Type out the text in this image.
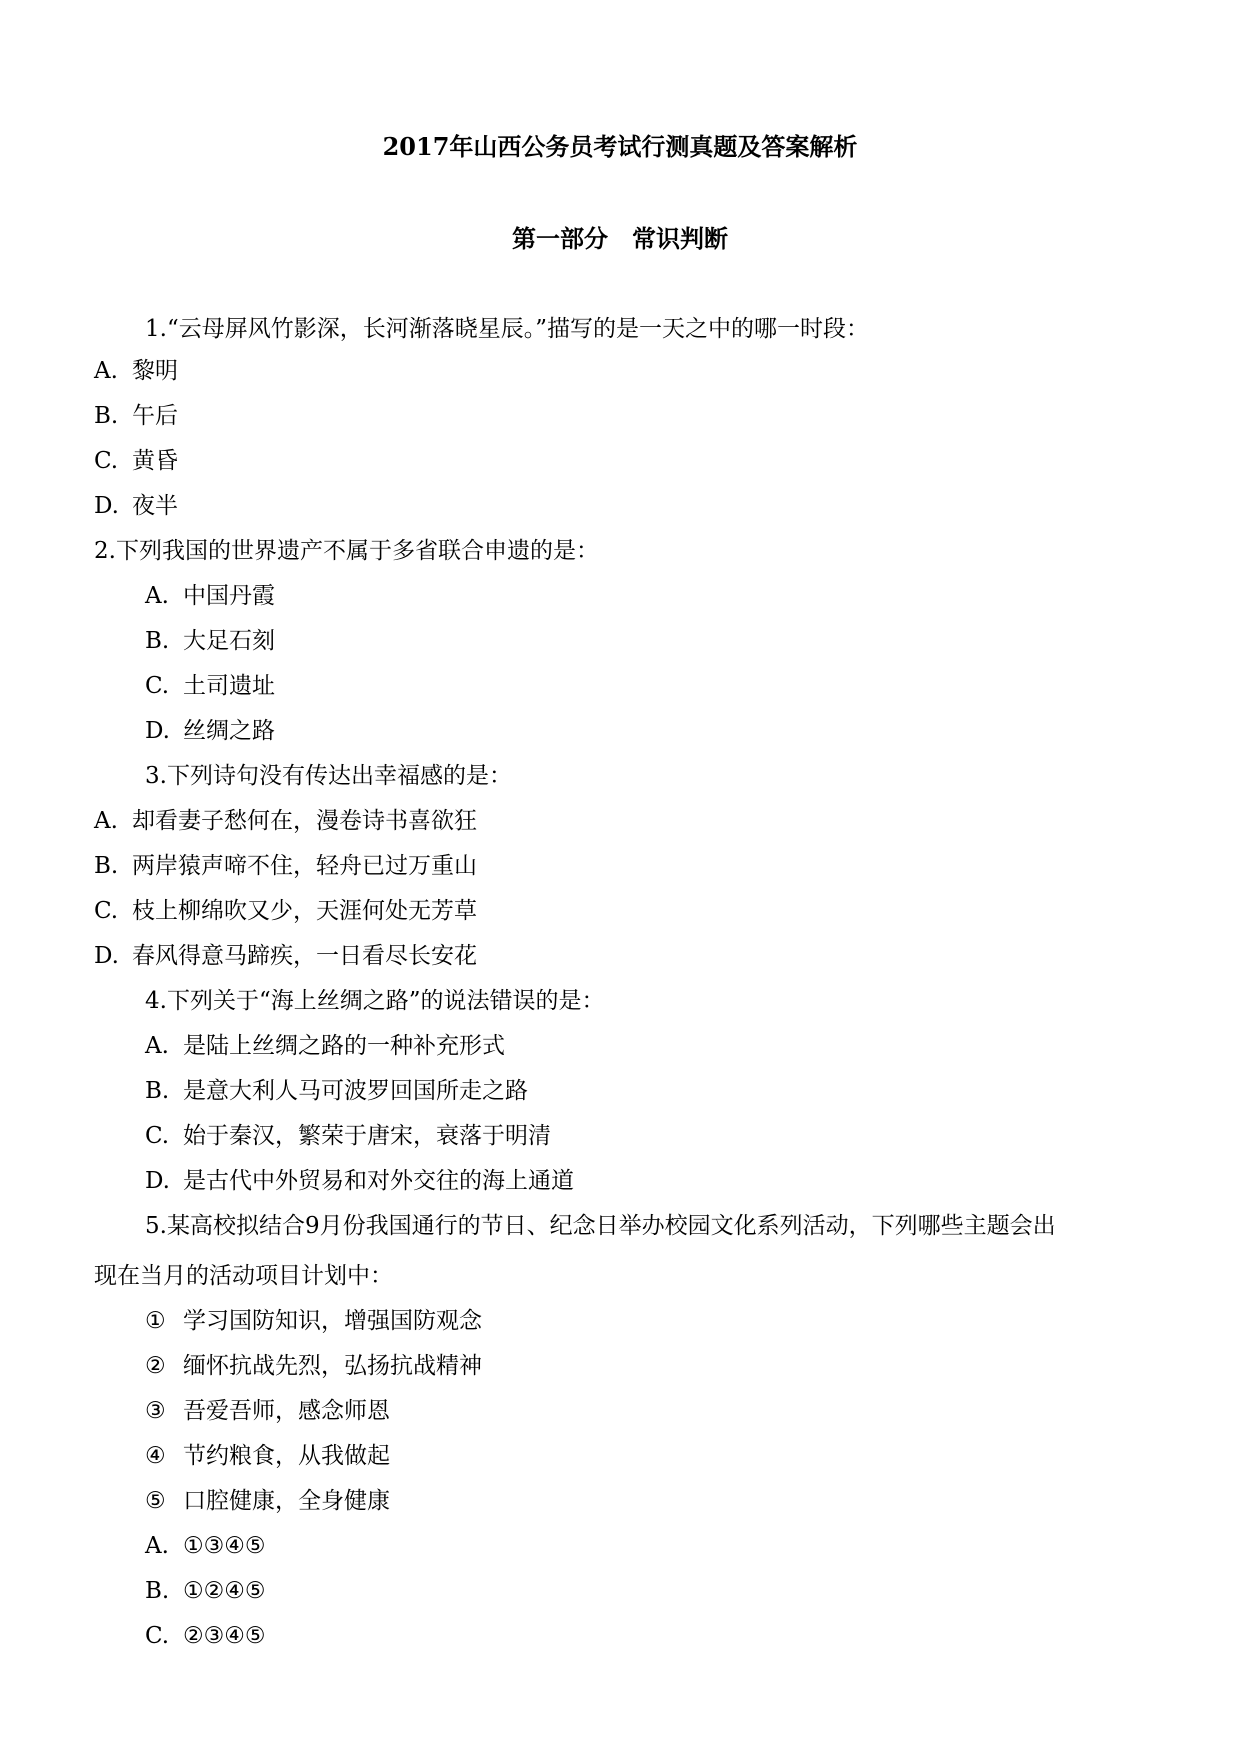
2017年山西公务员考试行测真题及答案解析
第一部分　常识判断
1.“云母屏风竹影深，长河渐落晓星辰。”描写的是一天之中的哪一时段：
A. 黎明
B. 午后
C. 黄昏
D. 夜半
2.下列我国的世界遗产不属于多省联合申遗的是：
A. 中国丹霞
B. 大足石刻
C. 土司遗址
D. 丝绸之路
3.下列诗句没有传达出幸福感的是：
A. 却看妻子愁何在，漫卷诗书喜欲狂
B. 两岸猿声啼不住，轻舟已过万重山
C. 枝上柳绵吹又少，天涯何处无芳草
D. 春风得意马蹄疾，一日看尽长安花
4.下列关于“海上丝绸之路”的说法错误的是：
A. 是陆上丝绸之路的一种补充形式
B. 是意大利人马可波罗回国所走之路
C. 始于秦汉，繁荣于唐宋，衰落于明清
D. 是古代中外贸易和对外交往的海上通道
5.某高校拟结合9月份我国通行的节日、纪念日举办校园文化系列活动，下列哪些主题会出
现在当月的活动项目计划中：
① 学习国防知识，增强国防观念
② 缅怀抗战先烈，弘扬抗战精神
③ 吾爱吾师，感念师恩
④ 节约粮食，从我做起
⑤ 口腔健康，全身健康
A. ①③④⑤
B. ①②④⑤
C. ②③④⑤
